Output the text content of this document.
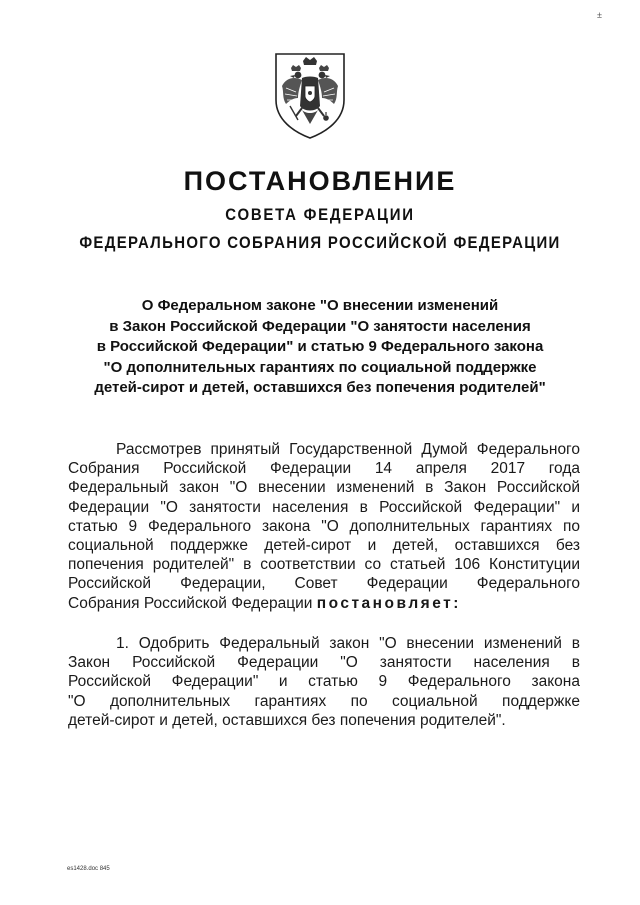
±
ПОСТАНОВЛЕНИЕ
СОВЕТА ФЕДЕРАЦИИ
ФЕДЕРАЛЬНОГО СОБРАНИЯ РОССИЙСКОЙ ФЕДЕРАЦИИ
О Федеральном законе "О внесении изменений
в Закон Российской Федерации "О занятости населения
в Российской Федерации" и статью 9 Федерального закона
"О дополнительных гарантиях по социальной поддержке
детей-сирот и детей, оставшихся без попечения родителей"
Рассмотрев принятый Государственной Думой Федерального
Собрания Российской Федерации 14 апреля 2017 года
Федеральный закон "О внесении изменений в Закон Российской
Федерации "О занятости населения в Российской Федерации" и
статью 9 Федерального закона "О дополнительных гарантиях по
социальной поддержке детей-сирот и детей, оставшихся без
попечения родителей" в соответствии со статьей 106 Конституции
Российской Федерации, Совет Федерации Федерального
Собрания Российской Федерации постановляет:
1. Одобрить Федеральный закон "О внесении изменений в
Закон Российской Федерации "О занятости населения в
Российской Федерации" и статью 9 Федерального закона
"О дополнительных гарантиях по социальной поддержке
детей-сирот и детей, оставшихся без попечения родителей".
es1428.doc 845
